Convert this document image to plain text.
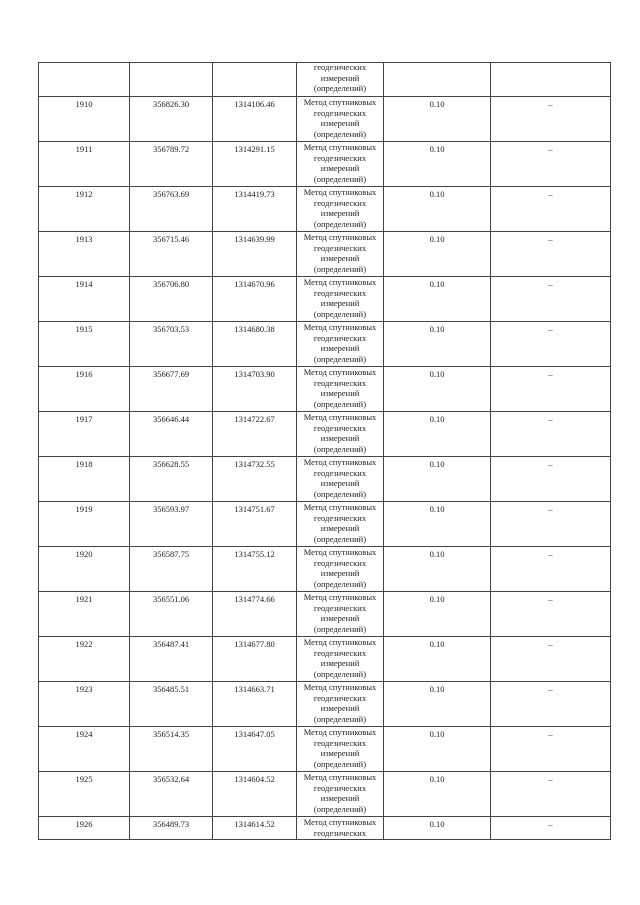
			геодезических
измерений
(определений)		

1910	356826.30	1314106.46	Метод спутниковых
геодезических
измерений
(определений)	0.10	–

1911	356789.72	1314291.15	Метод спутниковых
геодезических
измерений
(определений)	0.10	–

1912	356763.69	1314419.73	Метод спутниковых
геодезических
измерений
(определений)	0.10	–

1913	356715.46	1314639.99	Метод спутниковых
геодезических
измерений
(определений)	0.10	–

1914	356706.80	1314670.96	Метод спутниковых
геодезических
измерений
(определений)	0.10	–

1915	356703.53	1314680.38	Метод спутниковых
геодезических
измерений
(определений)	0.10	–

1916	356677.69	1314703.90	Метод спутниковых
геодезических
измерений
(определений)	0.10	–

1917	356646.44	1314722.67	Метод спутниковых
геодезических
измерений
(определений)	0.10	–

1918	356628.55	1314732.55	Метод спутниковых
геодезических
измерений
(определений)	0.10	–

1919	356593.97	1314751.67	Метод спутниковых
геодезических
измерений
(определений)	0.10	–

1920	356587.75	1314755.12	Метод спутниковых
геодезических
измерений
(определений)	0.10	–

1921	356551.06	1314774.66	Метод спутниковых
геодезических
измерений
(определений)	0.10	–

1922	356487.41	1314677.80	Метод спутниковых
геодезических
измерений
(определений)	0.10	–

1923	356485.51	1314663.71	Метод спутниковых
геодезических
измерений
(определений)	0.10	–

1924	356514.35	1314647.05	Метод спутниковых
геодезических
измерений
(определений)	0.10	–

1925	356532.64	1314604.52	Метод спутниковых
геодезических
измерений
(определений)	0.10	–

1926	356489.73	1314614.52	Метод спутниковых
геодезических	0.10	–
